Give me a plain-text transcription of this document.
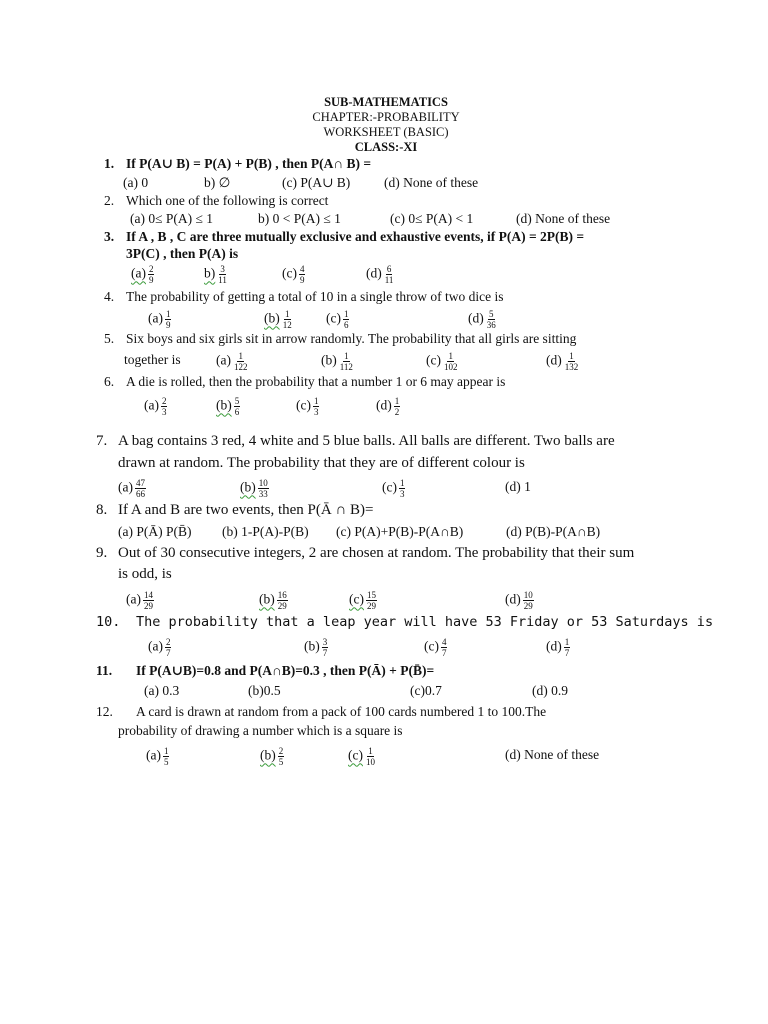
SUB-MATHEMATICS
CHAPTER:-PROBABILITY
WORKSHEET (BASIC)
CLASS:-XI
1. If P(A∪ B) = P(A) + P(B) , then P(A∩ B) =
(a) 0	b) ∅	(c) P(A∪ B) (d) None of these
2. Which one of the following is correct
(a) 0≤ P(A) ≤ 1	b) 0 < P(A) ≤ 1	(c) 0≤ P(A) < 1	(d) None of these
3. If A , B , C are three mutually exclusive and exhaustive events, if P(A) = 2P(B) =
3P(C) , then P(A) is
$(a) \frac{2}{9}$	$b) \frac{3}{11}$	$(c) \frac{4}{9}$	$(d) \frac{6}{11}$
4. The probability of getting a total of 10 in a single throw of two dice is
$(a) \frac{1}{9}$	$(b) \frac{1}{12} (c) \frac{1}{6}$	$(d) \frac{5}{36}$
5. Six boys and six girls sit in arrow randomly. The probability that all girls are sitting
together is	$(a) \frac{1}{122}$	$(b) \frac{1}{112}$	$(c) \frac{1}{102}$	$(d) \frac{1}{132}$
6. A die is rolled, then the probability that a number 1 or 6 may appear is
$(a) \frac{2}{3}$	$(b) \frac{5}{6}$	$(c) \frac{1}{3}$	$(d) \frac{1}{2}$
7. A bag contains 3 red, 4 white and 5 blue balls. All balls are different. Two balls are
drawn at random. The probability that they are of different colour is
$(a) \frac{47}{66}$	$(b) \frac{10}{33}$	$(c) \frac{1}{3}$	(d) 1
8. If A and B are two events, then P(Ā ∩ B)=
(a) P(Ā) P(B̄) (b) 1-P(A)-P(B) (c) P(A)+P(B)-P(A∩B)	(d) P(B)-P(A∩B)
9. Out of 30 consecutive integers, 2 are chosen at random. The probability that their sum
is odd, is
$(a) \frac{14}{29}$	$(b) \frac{16}{29}$	$(c) \frac{15}{29}$	$(d) \frac{10}{29}$
10. The probability that a leap year will have 53 Friday or 53 Saturdays is
$(a) \frac{2}{7}$	$(b) \frac{3}{7}$	$(c) \frac{4}{7}$	$(d) \frac{1}{7}$
11. If P(A∪B)=0.8 and P(A∩B)=0.3 , then P(Ā) + P(B̄)=
(a) 0.3	(b)0.5	(c)0.7	(d) 0.9
12. A card is drawn at random from a pack of 100 cards numbered 1 to 100.The
probability of drawing a number which is a square is
$(a) \frac{1}{5}$	$(b) \frac{2}{5}$	$(c) \frac{1}{10}$	(d) None of these
